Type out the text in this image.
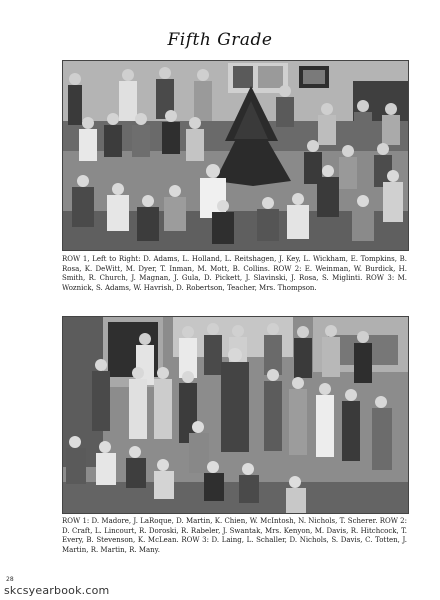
Fifth Grade
ROW 1, Left to Right: D. Adams, L. Holland, L. Reitshagen, J. Key, L. Wickham, E. Tompkins, B. Rosa, K. DeWitt, M. Dyer, T. Inman, M. Mott, B. Collins. ROW 2: E. Weinman, W. Burdick, H. Smith, R. Church, J. Magnan, J. Gula, D. Pickett, J. Slavinski, J. Rosa, S. Miglinti. ROW 3: M. Woznick, S. Adams, W. Havrish, D. Robertson, Teacher, Mrs. Thompson.
ROW 1: D. Madore, J. LaRoque, D. Martin, K. Chien, W. McIntosh, N. Nichols, T. Scherer. ROW 2: D. Craft, L. Lincourt, R. Doroski, R. Rabeler, J. Swantak, Mrs. Kenyon, M. Davis, R. Hitchcock, T. Every, B. Stevenson, K. McLean. ROW 3: D. Laing, L. Schaller, D. Nichols, S. Davis, C. Totten, J. Martin, R. Martin, R. Many.
28
skcsyearbook.com
